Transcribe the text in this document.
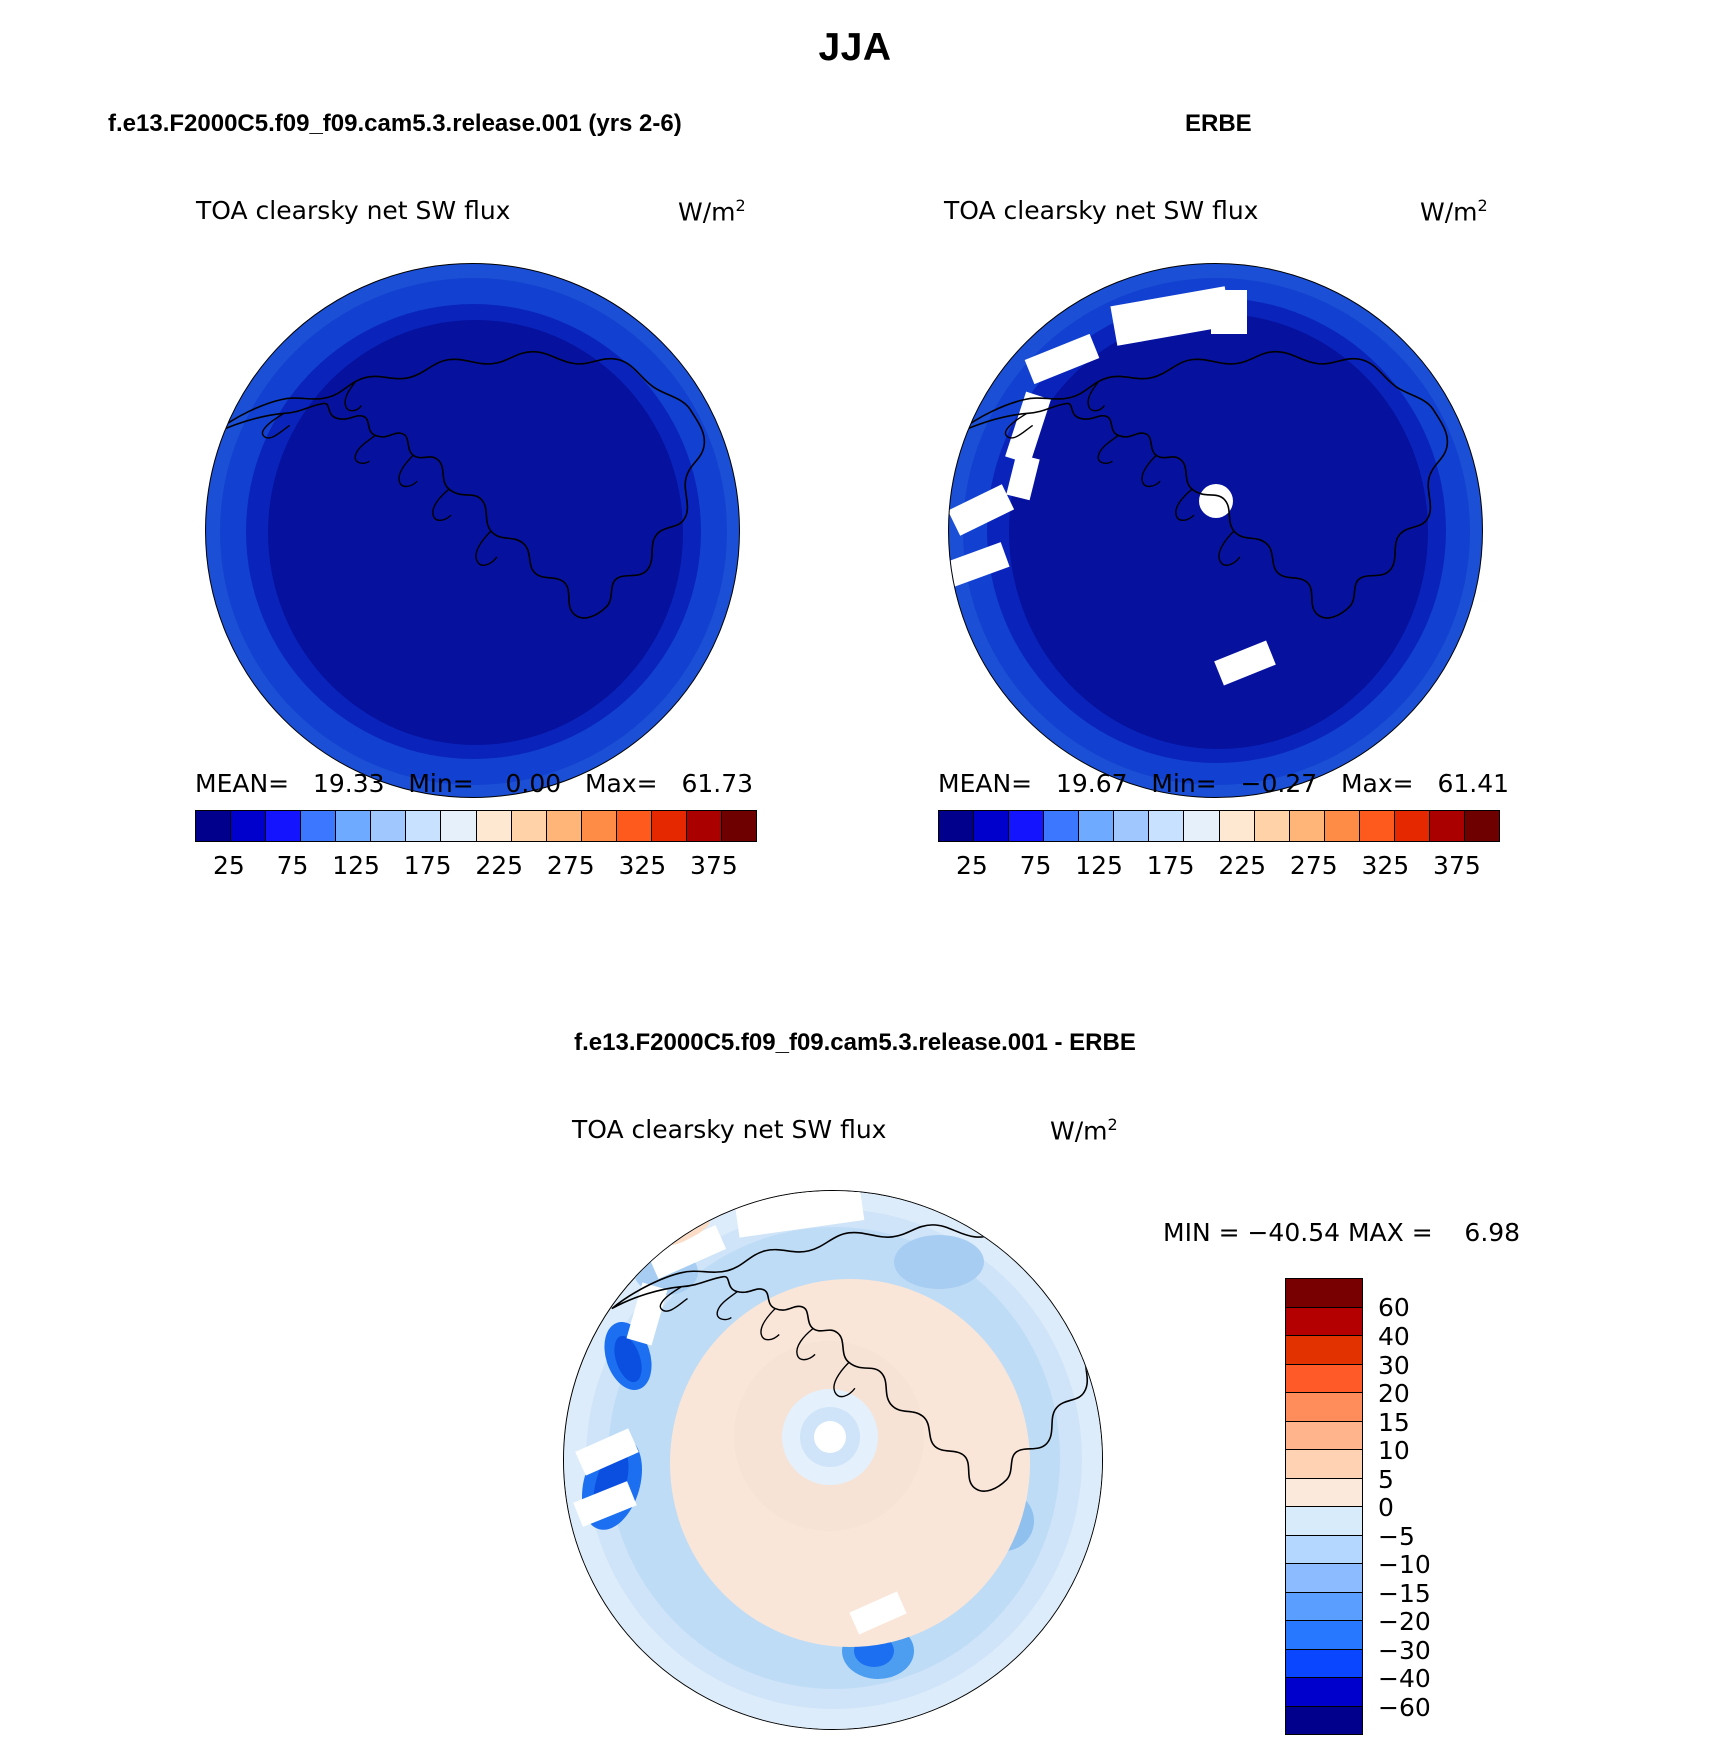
JJA
f.e13.F2000C5.f09_f09.cam5.3.release.001 (yrs 2-6)
TOA clearsky net SW flux	$W/m^2$
MEAN=   19.33   Min=    0.00   Max=   61.73
25    75   125   175   225   275   325   375
ERBE
TOA clearsky net SW flux	$W/m^2$
MEAN=   19.67   Min=   −0.27   Max=   61.41
25    75   125   175   225   275   325   375
f.e13.F2000C5.f09_f09.cam5.3.release.001 - ERBE
TOA clearsky net SW flux	$W/m^2$
MIN = −40.54 MAX =    6.98
60
40
30
20
15
10
5
0
−5
−10
−15
−20
−30
−40
−60
